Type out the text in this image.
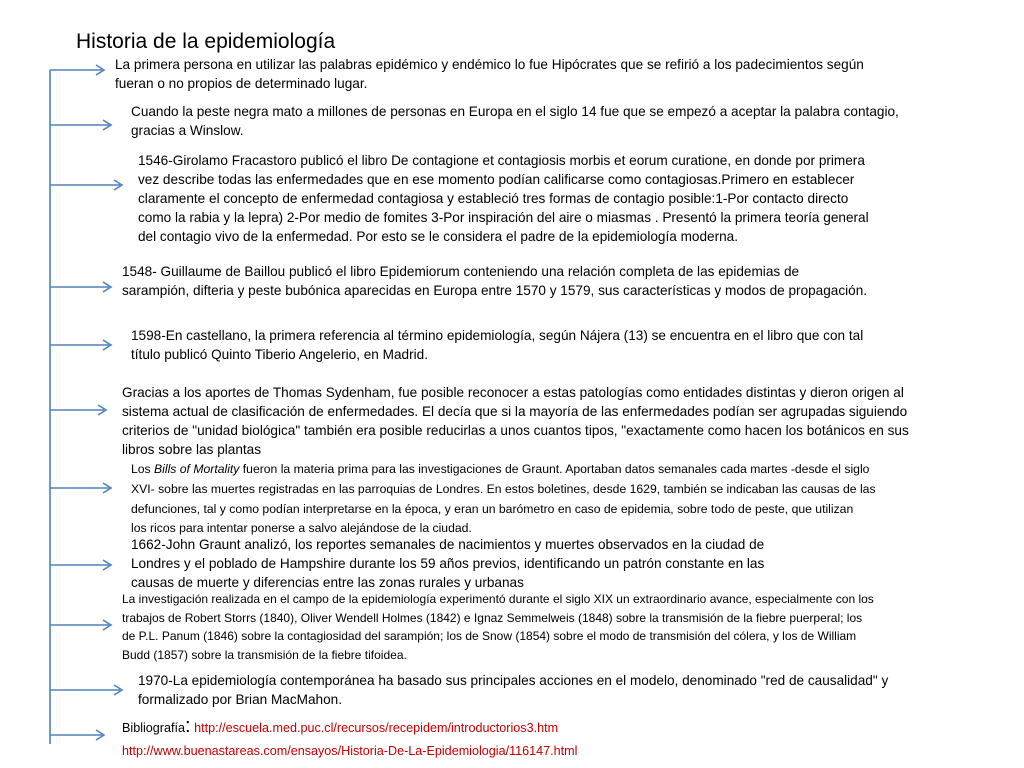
Historia de la epidemiología
La primera persona en utilizar las palabras epidémico y endémico lo fue Hipócrates que se refirió a los padecimientos según
fueran o no propios de determinado lugar.
Cuando la peste negra mato a millones de personas en Europa en el siglo 14 fue que se empezó a aceptar la palabra contagio,
gracias a Winslow.
1546-Girolamo Fracastoro publicó el libro De contagione et contagiosis morbis et eorum curatione, en donde por primera
vez describe todas las enfermedades que en ese momento podían calificarse como contagiosas.Primero en establecer
claramente el concepto de enfermedad contagiosa y estableció tres formas de contagio posible:1-Por contacto directo
como la rabia y la lepra) 2-Por medio de fomites 3-Por inspiración del aire o miasmas . Presentó la primera teoría general
del contagio vivo de la enfermedad. Por esto se le considera el padre de la epidemiología moderna.
1548- Guillaume de Baillou publicó el libro Epidemiorum conteniendo una relación completa de las epidemias de
sarampión, difteria y peste bubónica aparecidas en Europa entre 1570 y 1579, sus características y modos de propagación.
1598-En castellano, la primera referencia al término epidemiología, según Nájera (13) se encuentra en el libro que con tal
título publicó Quinto Tiberio Angelerio, en Madrid.
Gracias a los aportes de Thomas Sydenham, fue posible reconocer a estas patologías como entidades distintas y dieron origen al
sistema actual de clasificación de enfermedades. El decía que si la mayoría de las enfermedades podían ser agrupadas siguiendo
criterios de "unidad biológica" también era posible reducirlas a unos cuantos tipos, "exactamente como hacen los botánicos en sus
libros sobre las plantas
Los Bills of Mortality fueron la materia prima para las investigaciones de Graunt. Aportaban datos semanales cada martes -desde el siglo
XVI- sobre las muertes registradas en las parroquias de Londres. En estos boletines, desde 1629, también se indicaban las causas de las
defunciones, tal y como podían interpretarse en la época, y eran un barómetro en caso de epidemia, sobre todo de peste, que utilizan
los ricos para intentar ponerse a salvo alejándose de la ciudad.
1662-John Graunt analizó, los reportes semanales de nacimientos y muertes observados en la ciudad de
Londres y el poblado de Hampshire durante los 59 años previos, identificando un patrón constante en las
causas de muerte y diferencias entre las zonas rurales y urbanas
La investigación realizada en el campo de la epidemiología experimentó durante el siglo XIX un extraordinario avance, especialmente con los
trabajos de Robert Storrs (1840), Oliver Wendell Holmes (1842) e Ignaz Semmelweis (1848) sobre la transmisión de la fiebre puerperal; los
de P.L. Panum (1846) sobre la contagiosidad del sarampión; los de Snow (1854) sobre el modo de transmisión del cólera, y los de William
Budd (1857) sobre la transmisión de la fiebre tifoidea.
1970-La epidemiología contemporánea ha basado sus principales acciones en el modelo, denominado "red de causalidad" y
formalizado por Brian MacMahon.
Bibliografía: http://escuela.med.puc.cl/recursos/recepidem/introductorios3.htm
http://www.buenastareas.com/ensayos/Historia-De-La-Epidemiologia/116147.html
